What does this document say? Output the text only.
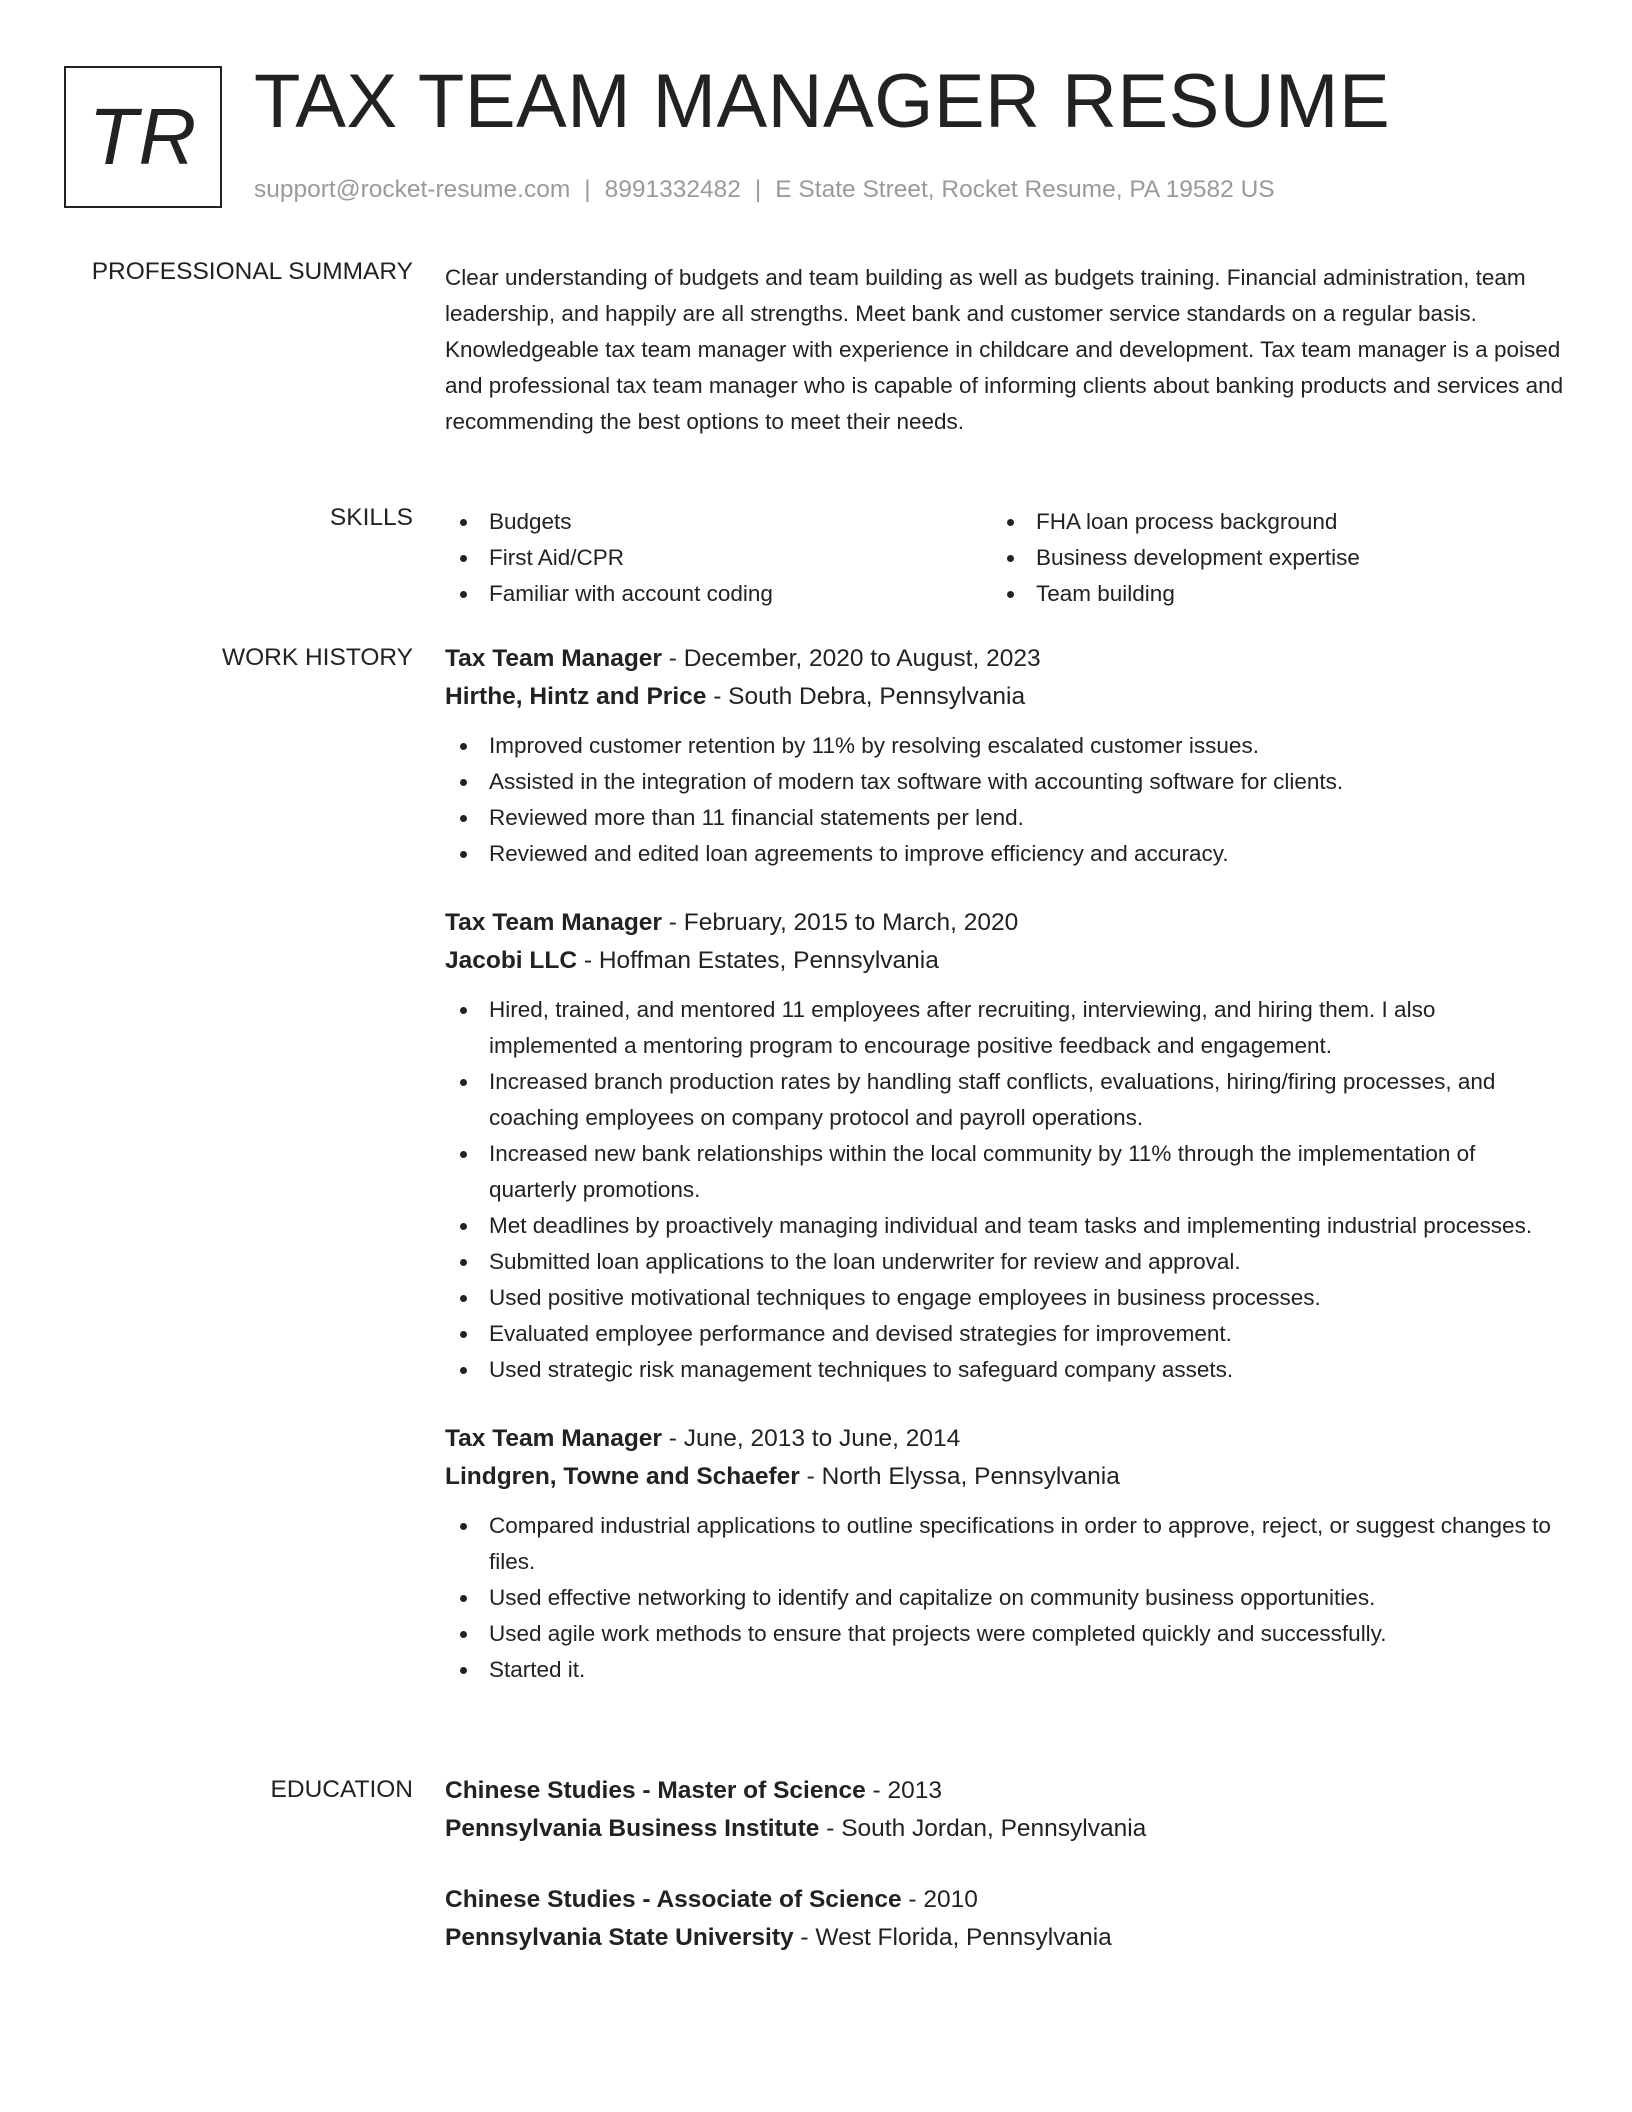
TR TAX TEAM MANAGER RESUME
support@rocket-resume.com | 8991332482 | E State Street, Rocket Resume, PA 19582 US
PROFESSIONAL SUMMARY Clear understanding of budgets and team building as well as budgets training. Financial administration, team leadership, and happily are all strengths. Meet bank and customer service standards on a regular basis. Knowledgeable tax team manager with experience in childcare and development. Tax team manager is a poised and professional tax team manager who is capable of informing clients about banking products and services and recommending the best options to meet their needs.

SKILLS	Budgets
First Aid/CPR
Familiar with account coding
FHA loan process background
Business development expertise
Team building
WORK HISTORY Tax Team Manager - December, 2020 to August, 2023
Hirthe, Hintz and Price - South Debra, Pennsylvania
Improved customer retention by 11% by resolving escalated customer issues.
Assisted in the integration of modern tax software with accounting software for clients.
Reviewed more than 11 financial statements per lend.
Reviewed and edited loan agreements to improve efficiency and accuracy.
Tax Team Manager - February, 2015 to March, 2020
Jacobi LLC - Hoffman Estates, Pennsylvania
Hired, trained, and mentored 11 employees after recruiting, interviewing, and hiring them. I also implemented a mentoring program to encourage positive feedback and engagement.
Increased branch production rates by handling staff conflicts, evaluations, hiring/firing processes, and coaching employees on company protocol and payroll operations.
Increased new bank relationships within the local community by 11% through the implementation of quarterly promotions.
Met deadlines by proactively managing individual and team tasks and implementing industrial processes.
Submitted loan applications to the loan underwriter for review and approval.
Used positive motivational techniques to engage employees in business processes.
Evaluated employee performance and devised strategies for improvement.
Used strategic risk management techniques to safeguard company assets.
Tax Team Manager - June, 2013 to June, 2014
Lindgren, Towne and Schaefer - North Elyssa, Pennsylvania
Compared industrial applications to outline specifications in order to approve, reject, or suggest changes to files.
Used effective networking to identify and capitalize on community business opportunities.
Used agile work methods to ensure that projects were completed quickly and successfully.
Started it.
EDUCATION Chinese Studies - Master of Science - 2013
Pennsylvania Business Institute - South Jordan, Pennsylvania
Chinese Studies - Associate of Science - 2010
Pennsylvania State University - West Florida, Pennsylvania
